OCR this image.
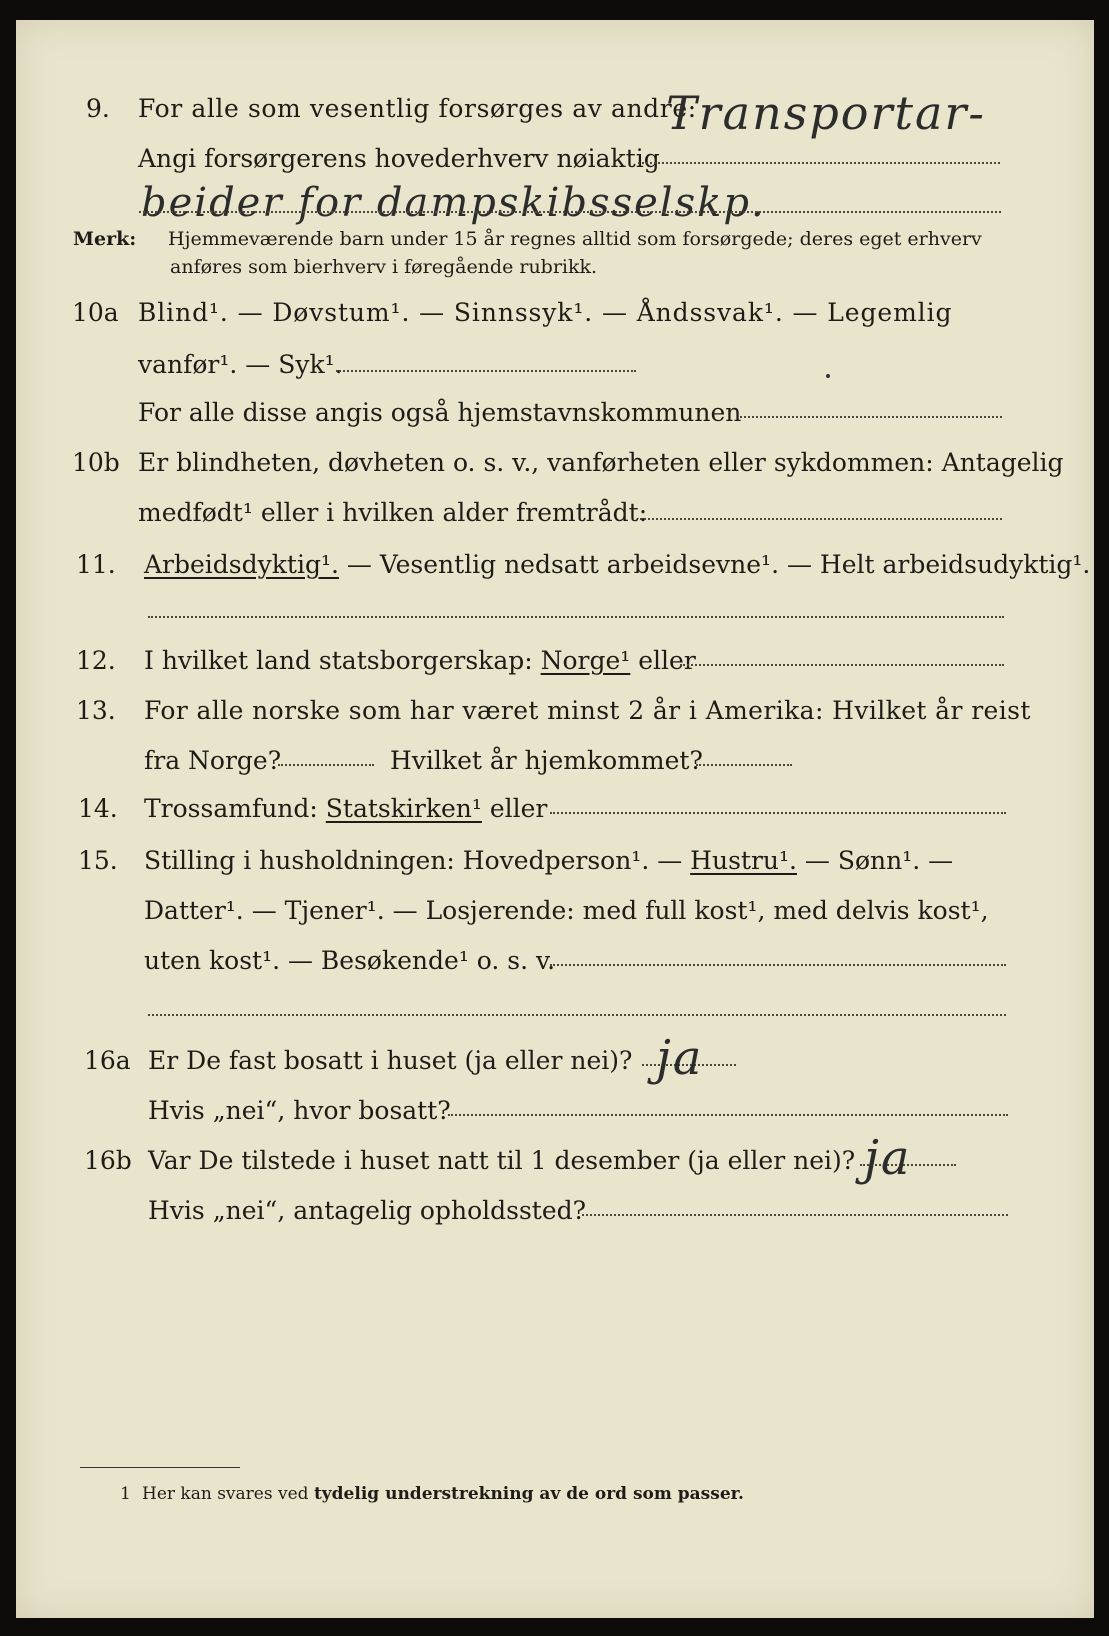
9. For alle som vesentlig forsørges av andre:
Transportar-
Angi forsørgerens hovederhverv nøiaktig
beider for dampskibsselskp.
Merk: Hjemmeværende barn under 15 år regnes alltid som forsørgede; deres eget erhverv
anføres som bierhverv i føregående rubrikk.
10a Blind¹. — Døvstum¹. — Sinnssyk¹. — Åndssvak¹. — Legemlig
vanfør¹. — Syk¹.
For alle disse angis også hjemstavnskommunen
10b Er blindheten, døvheten o. s. v., vanførheten eller sykdommen: Antagelig
medfødt¹ eller i hvilken alder fremtrådt:
11. Arbeidsdyktig¹. — Vesentlig nedsatt arbeidsevne¹. — Helt arbeidsudyktig¹.
12. I hvilket land statsborgerskap: Norge¹ eller
13. For alle norske som har været minst 2 år i Amerika: Hvilket år reist
fra Norge?	Hvilket år hjemkommet?
14. Trossamfund: Statskirken¹ eller
15. Stilling i husholdningen: Hovedperson¹. — Hustru¹. — Sønn¹. —
Datter¹. — Tjener¹. — Losjerende: med full kost¹, med delvis kost¹,
uten kost¹. — Besøkende¹ o. s. v.
16a Er De fast bosatt i huset (ja eller nei)? ja
Hvis „nei“, hvor bosatt?
16b Var De tilstede i huset natt til 1 desember (ja eller nei)? ja
Hvis „nei“, antagelig opholdssted?
1 Her kan svares ved tydelig understrekning av de ord som passer.
